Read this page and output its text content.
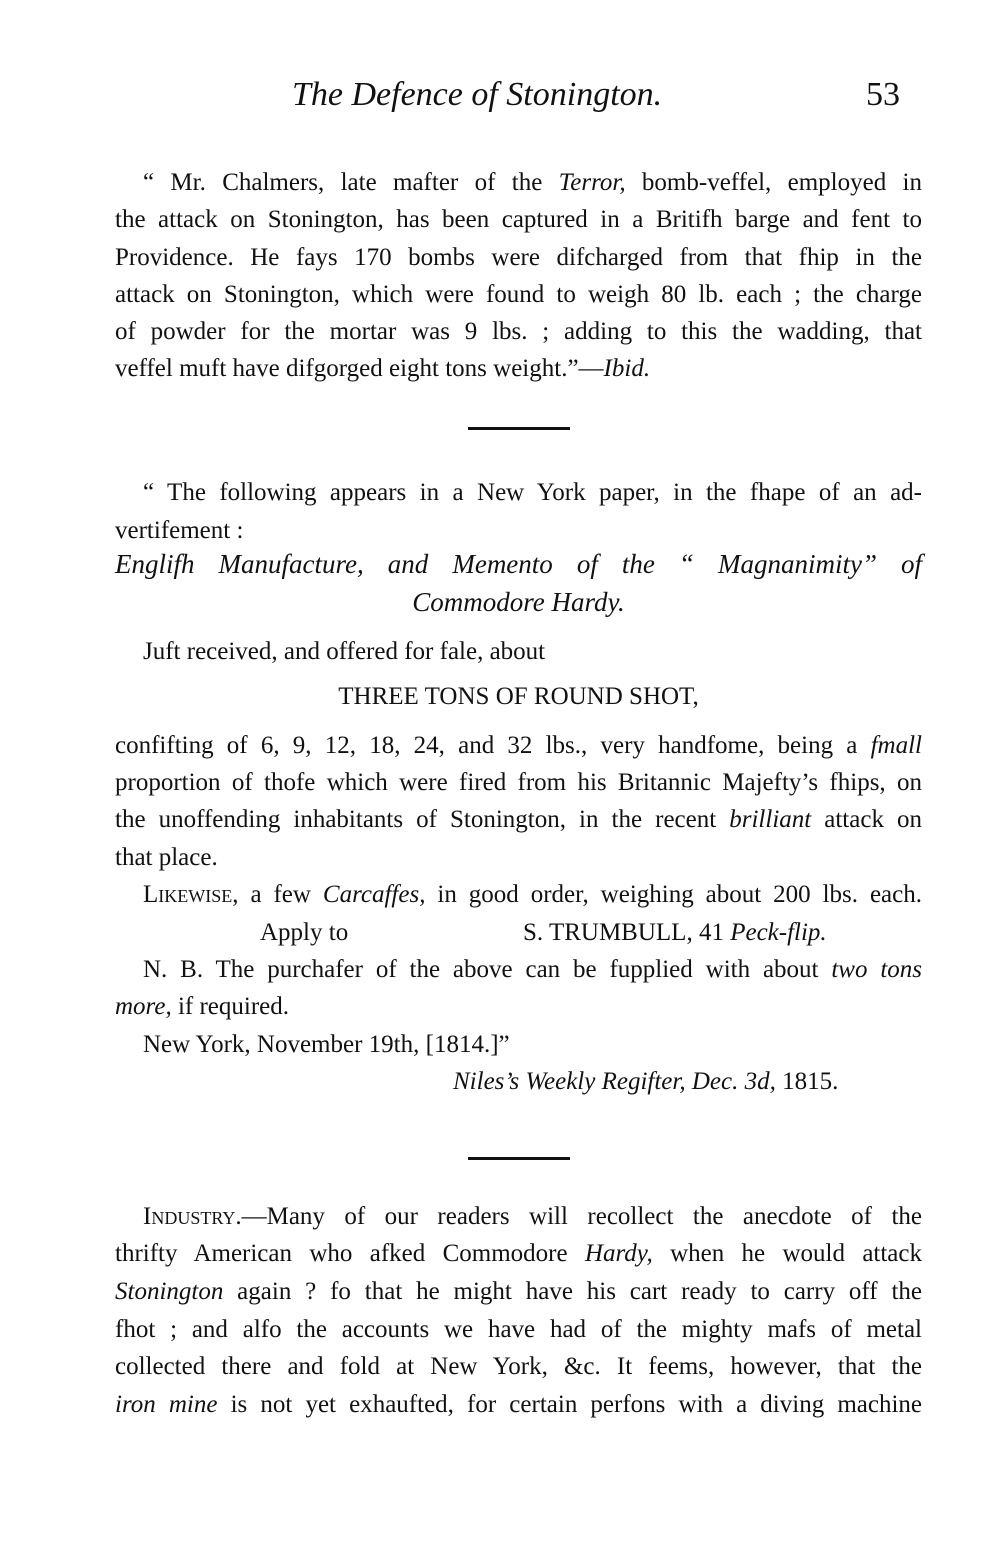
The Defence of Stonington.	53
“ Mr. Chalmers, late mafter of the Terror, bomb-veffel, employed in
the attack on Stonington, has been captured in a Britifh barge and fent to
Providence. He fays 170 bombs were difcharged from that fhip in the
attack on Stonington, which were found to weigh 80 lb. each ; the charge
of powder for the mortar was 9 lbs. ; adding to this the wadding, that
veffel muft have difgorged eight tons weight.”—Ibid.
“ The following appears in a New York paper, in the fhape of an ad-
vertifement :
Englifh Manufacture, and Memento of the “ Magnanimity” of
Commodore Hardy.
Juft received, and offered for fale, about
THREE TONS OF ROUND SHOT,
confifting of 6, 9, 12, 18, 24, and 32 lbs., very handfome, being a fmall
proportion of thofe which were fired from his Britannic Majefty’s fhips, on
the unoffending inhabitants of Stonington, in the recent brilliant attack on
that place.
Likewise, a few Carcaffes, in good order, weighing about 200 lbs. each.
Apply to	S. TRUMBULL, 41 Peck-flip.
N. B. The purchafer of the above can be fupplied with about two tons
more, if required.
New York, November 19th, [1814.]”
Niles’s Weekly Regifter, Dec. 3d, 1815.
Industry.—Many of our readers will recollect the anecdote of the
thrifty American who afked Commodore Hardy, when he would attack
Stonington again ? fo that he might have his cart ready to carry off the
fhot ; and alfo the accounts we have had of the mighty mafs of metal
collected there and fold at New York, &c. It feems, however, that the
iron mine is not yet exhaufted, for certain perfons with a diving machine
